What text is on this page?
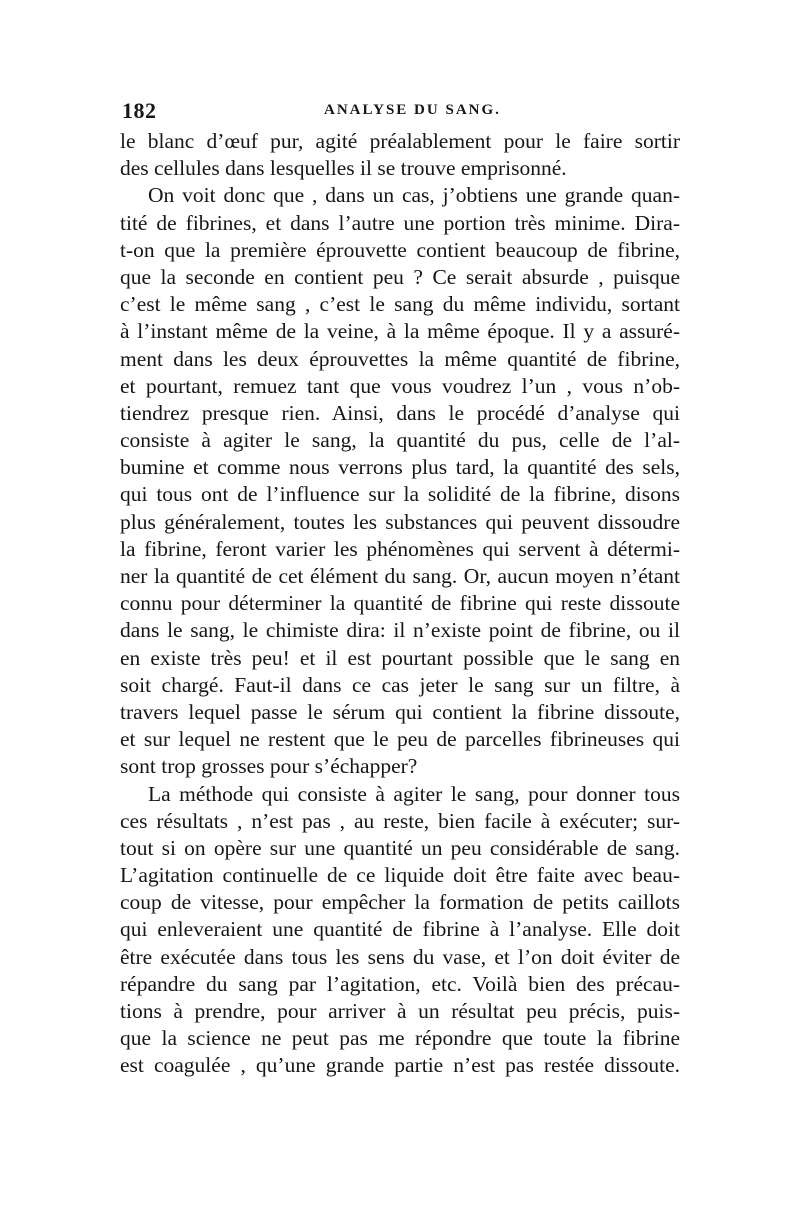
182	ANALYSE DU SANG.
le blanc d’œuf pur, agité préalablement pour le faire sortir
des cellules dans lesquelles il se trouve emprisonné.
On voit donc que , dans un cas, j’obtiens une grande quan-
tité de fibrines, et dans l’autre une portion très minime. Dira-
t-on que la première éprouvette contient beaucoup de fibrine,
que la seconde en contient peu ? Ce serait absurde , puisque
c’est le même sang , c’est le sang du même individu, sortant
à l’instant même de la veine, à la même époque. Il y a assuré-
ment dans les deux éprouvettes la même quantité de fibrine,
et pourtant, remuez tant que vous voudrez l’un , vous n’ob-
tiendrez presque rien. Ainsi, dans le procédé d’analyse qui
consiste à agiter le sang, la quantité du pus, celle de l’al-
bumine et comme nous verrons plus tard, la quantité des sels,
qui tous ont de l’influence sur la solidité de la fibrine, disons
plus généralement, toutes les substances qui peuvent dissoudre
la fibrine, feront varier les phénomènes qui servent à détermi-
ner la quantité de cet élément du sang. Or, aucun moyen n’étant
connu pour déterminer la quantité de fibrine qui reste dissoute
dans le sang, le chimiste dira: il n’existe point de fibrine, ou il
en existe très peu! et il est pourtant possible que le sang en
soit chargé. Faut-il dans ce cas jeter le sang sur un filtre, à
travers lequel passe le sérum qui contient la fibrine dissoute,
et sur lequel ne restent que le peu de parcelles fibrineuses qui
sont trop grosses pour s’échapper?
La méthode qui consiste à agiter le sang, pour donner tous
ces résultats , n’est pas , au reste, bien facile à exécuter; sur-
tout si on opère sur une quantité un peu considérable de sang.
L’agitation continuelle de ce liquide doit être faite avec beau-
coup de vitesse, pour empêcher la formation de petits caillots
qui enleveraient une quantité de fibrine à l’analyse. Elle doit
être exécutée dans tous les sens du vase, et l’on doit éviter de
répandre du sang par l’agitation, etc. Voilà bien des précau-
tions à prendre, pour arriver à un résultat peu précis, puis-
que la science ne peut pas me répondre que toute la fibrine
est coagulée , qu’une grande partie n’est pas restée dissoute.
